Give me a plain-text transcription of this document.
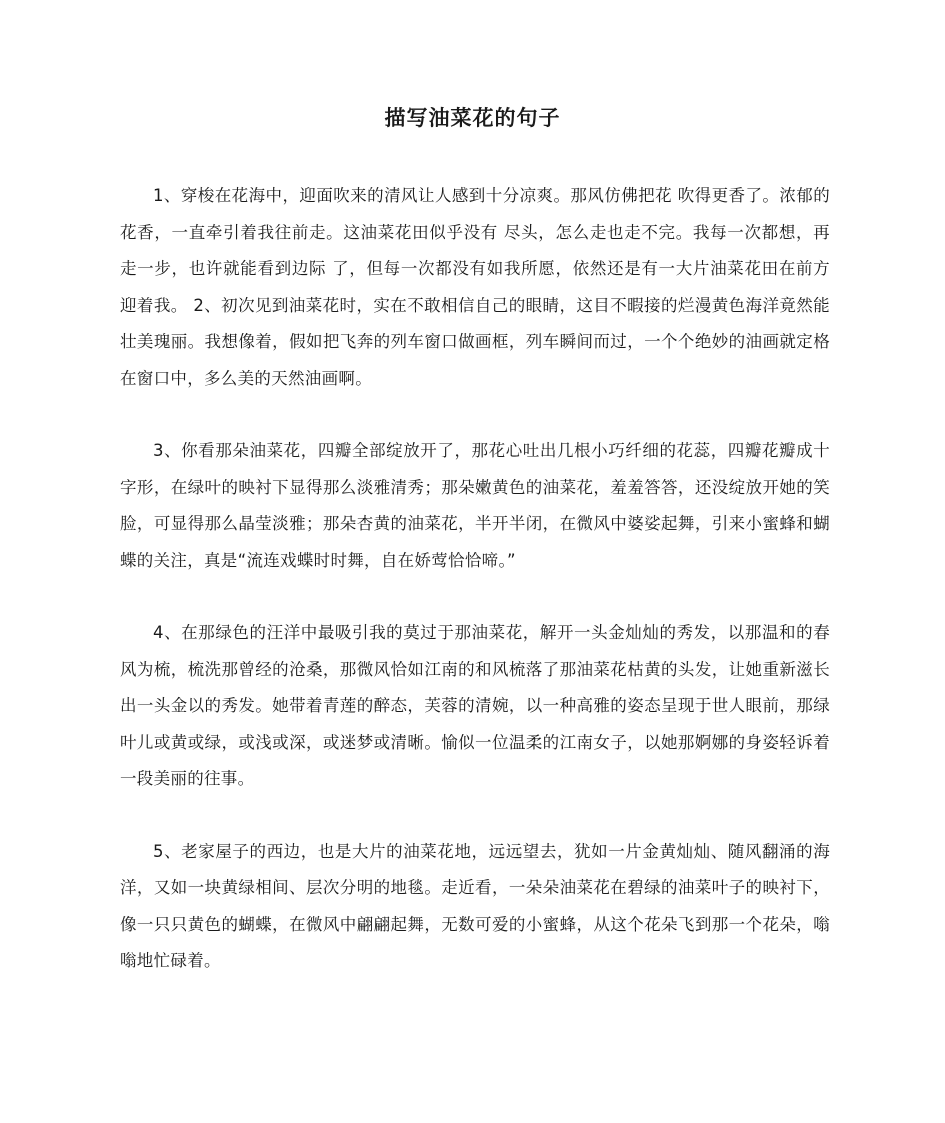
描写油菜花的句子

1、穿梭在花海中，迎面吹来的清风让人感到十分凉爽。那风仿佛把花 吹得更香了。浓郁的花香，一直牵引着我往前走。这油菜花田似乎没有 尽头，怎么走也走不完。我每一次都想，再走一步，也许就能看到边际 了，但每一次都没有如我所愿，依然还是有一大片油菜花田在前方迎着我。 2、初次见到油菜花时，实在不敢相信自己的眼睛，这目不暇接的烂漫黄色海洋竟然能壮美瑰丽。我想像着，假如把飞奔的列车窗口做画框，列车瞬间而过，一个个绝妙的油画就定格在窗口中，多么美的天然油画啊。

3、你看那朵油菜花，四瓣全部绽放开了，那花心吐出几根小巧纤细的花蕊，四瓣花瓣成十字形，在绿叶的映衬下显得那么淡雅清秀；那朵嫩黄色的油菜花，羞羞答答，还没绽放开她的笑脸，可显得那么晶莹淡雅；那朵杏黄的油菜花，半开半闭，在微风中婆娑起舞，引来小蜜蜂和蝴蝶的关注，真是“流连戏蝶时时舞，自在娇莺恰恰啼。”

4、在那绿色的汪洋中最吸引我的莫过于那油菜花，解开一头金灿灿的秀发，以那温和的春风为梳，梳洗那曾经的沧桑，那微风恰如江南的和风梳落了那油菜花枯黄的头发，让她重新滋长出一头金以的秀发。她带着青莲的醉态，芙蓉的清婉，以一种高雅的姿态呈现于世人眼前，那绿叶儿或黄或绿，或浅或深，或迷梦或清晰。愉似一位温柔的江南女子，以她那婀娜的身姿轻诉着一段美丽的往事。

5、老家屋子的西边，也是大片的油菜花地，远远望去，犹如一片金黄灿灿、随风翻涌的海洋，又如一块黄绿相间、层次分明的地毯。走近看，一朵朵油菜花在碧绿的油菜叶子的映衬下，像一只只黄色的蝴蝶，在微风中翩翩起舞，无数可爱的小蜜蜂，从这个花朵飞到那一个花朵，嗡嗡地忙碌着。
